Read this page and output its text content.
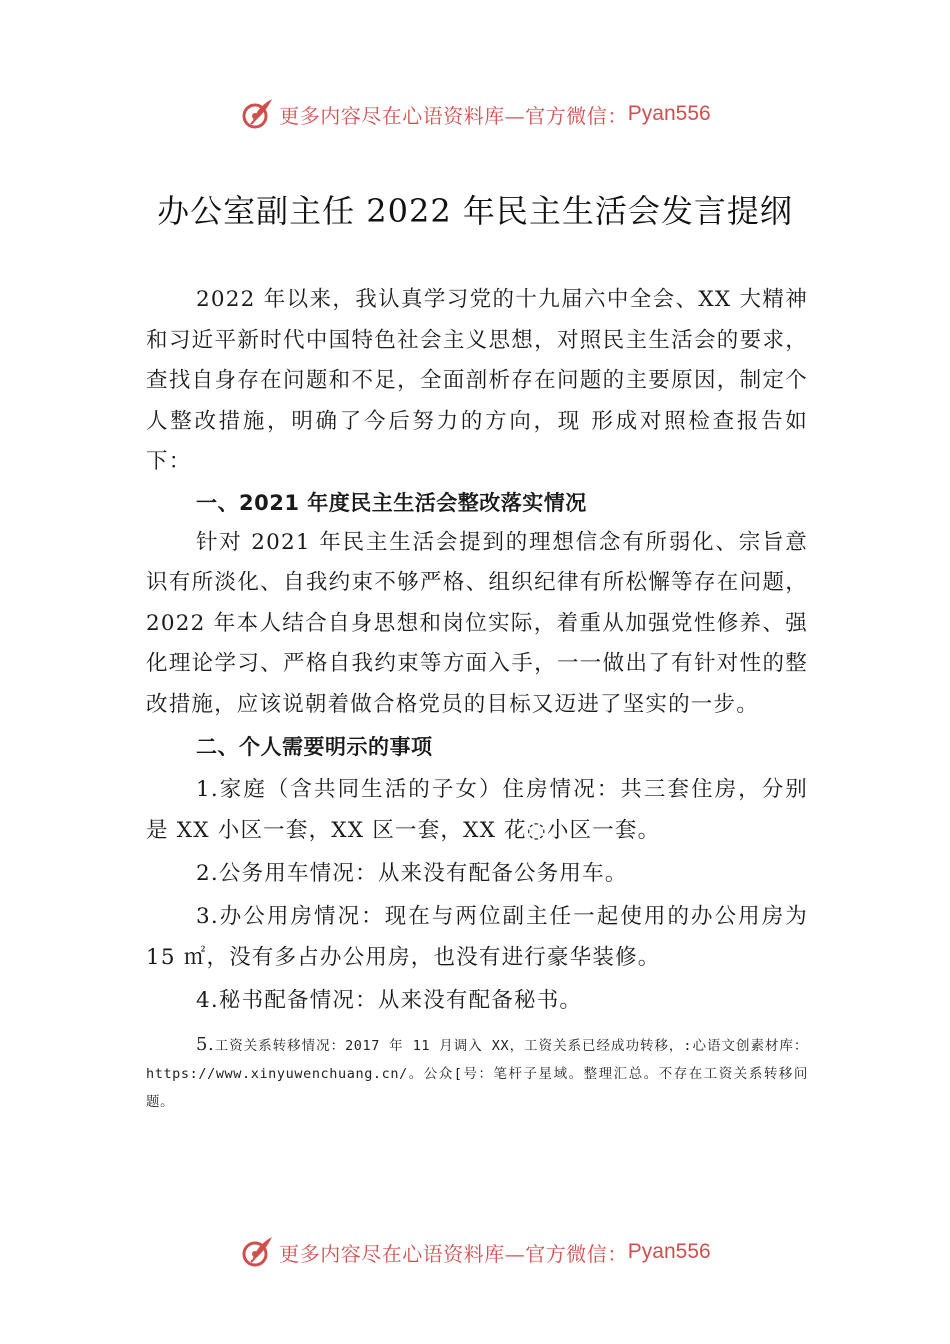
更多内容尽在心语资料库—官方微信： Pyan556
办公室副主任 2022 年民主生活会发言提纲

2022 年以来，我认真学习党的十九届六中全会、XX 大精神和习近平新时代中国特色社会主义思想，对照民主生活会的要求，查找自身存在问题和不足，全面剖析存在问题的主要原因，制定个人整改措施，明确了今后努力的方向，现 形成对照检查报告如下：

一、2021 年度民主生活会整改落实情况

针对 2021 年民主生活会提到的理想信念有所弱化、宗旨意识有所淡化、自我约束不够严格、组织纪律有所松懈等存在问题，2022 年本人结合自身思想和岗位实际，着重从加强党性修养、强化理论学习、严格自我约束等方面入手，一一做出了有针对性的整改措施，应该说朝着做合格党员的目标又迈进了坚实的一步。

二、个人需要明示的事项

1.家庭（含共同生活的子女）住房情况：共三套住房，分别是 XX 小区一套，XX 区一套，XX 花◌小区一套。

2.公务用车情况：从来没有配备公务用车。

3.办公用房情况：现在与两位副主任一起使用的办公用房为 15 ㎡，没有多占办公用房，也没有进行豪华装修。

4.秘书配备情况：从来没有配备秘书。

5.工资关系转移情况：2017 年 11 月调入 XX，工资关系已经成功转移，:心语文创素材库：https://www.xinyuwenchuang.cn/。公众[号：笔杆子星域。整理汇总。不存在工资关系转移问题。

更多内容尽在心语资料库—官方微信： Pyan556
